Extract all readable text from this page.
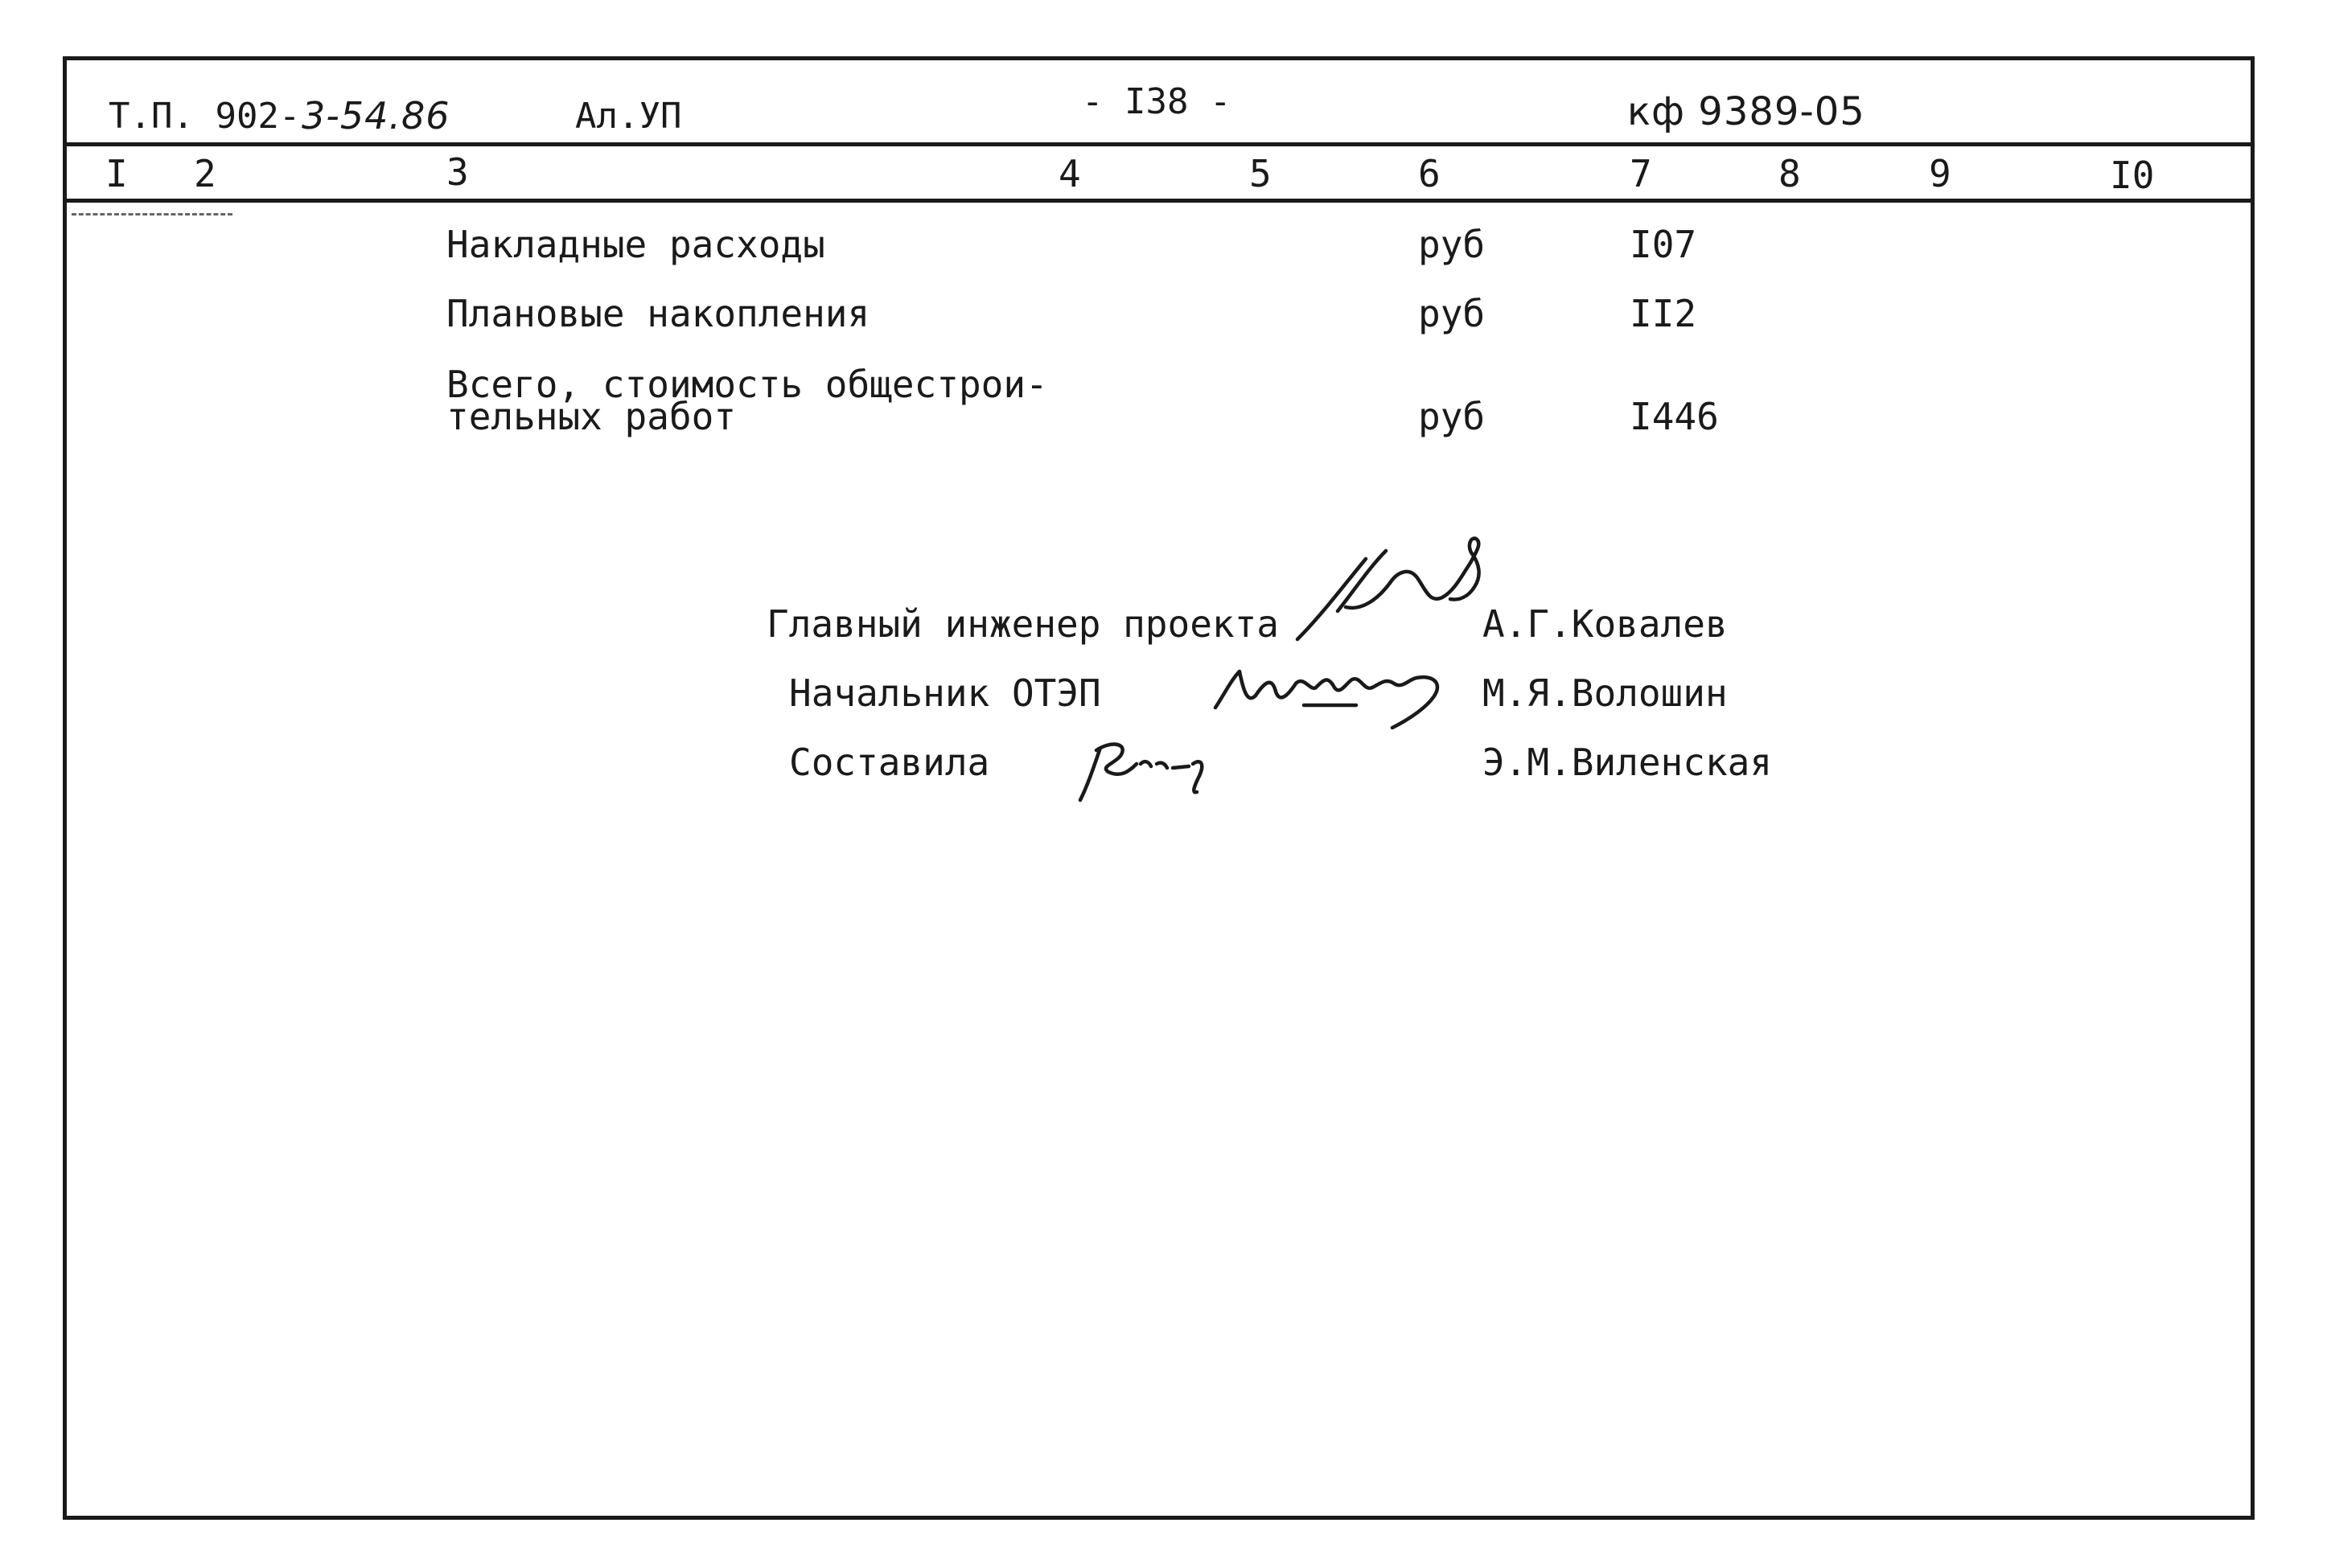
Т.П. 902- 3-54.86	Ал.УП	- I38 -	кф 9389-05
I 2	3	4	5	6	7	8	9	I0
Накладные расходы	руб	I07
Плановые накопления	руб	II2
Всего, стоимость общестрои-
тельных работ	руб	I446
Главный инженер проекта	А.Г.Ковалев
Начальник ОТЭП	М.Я.Волошин
Составила	Э.М.Виленская
